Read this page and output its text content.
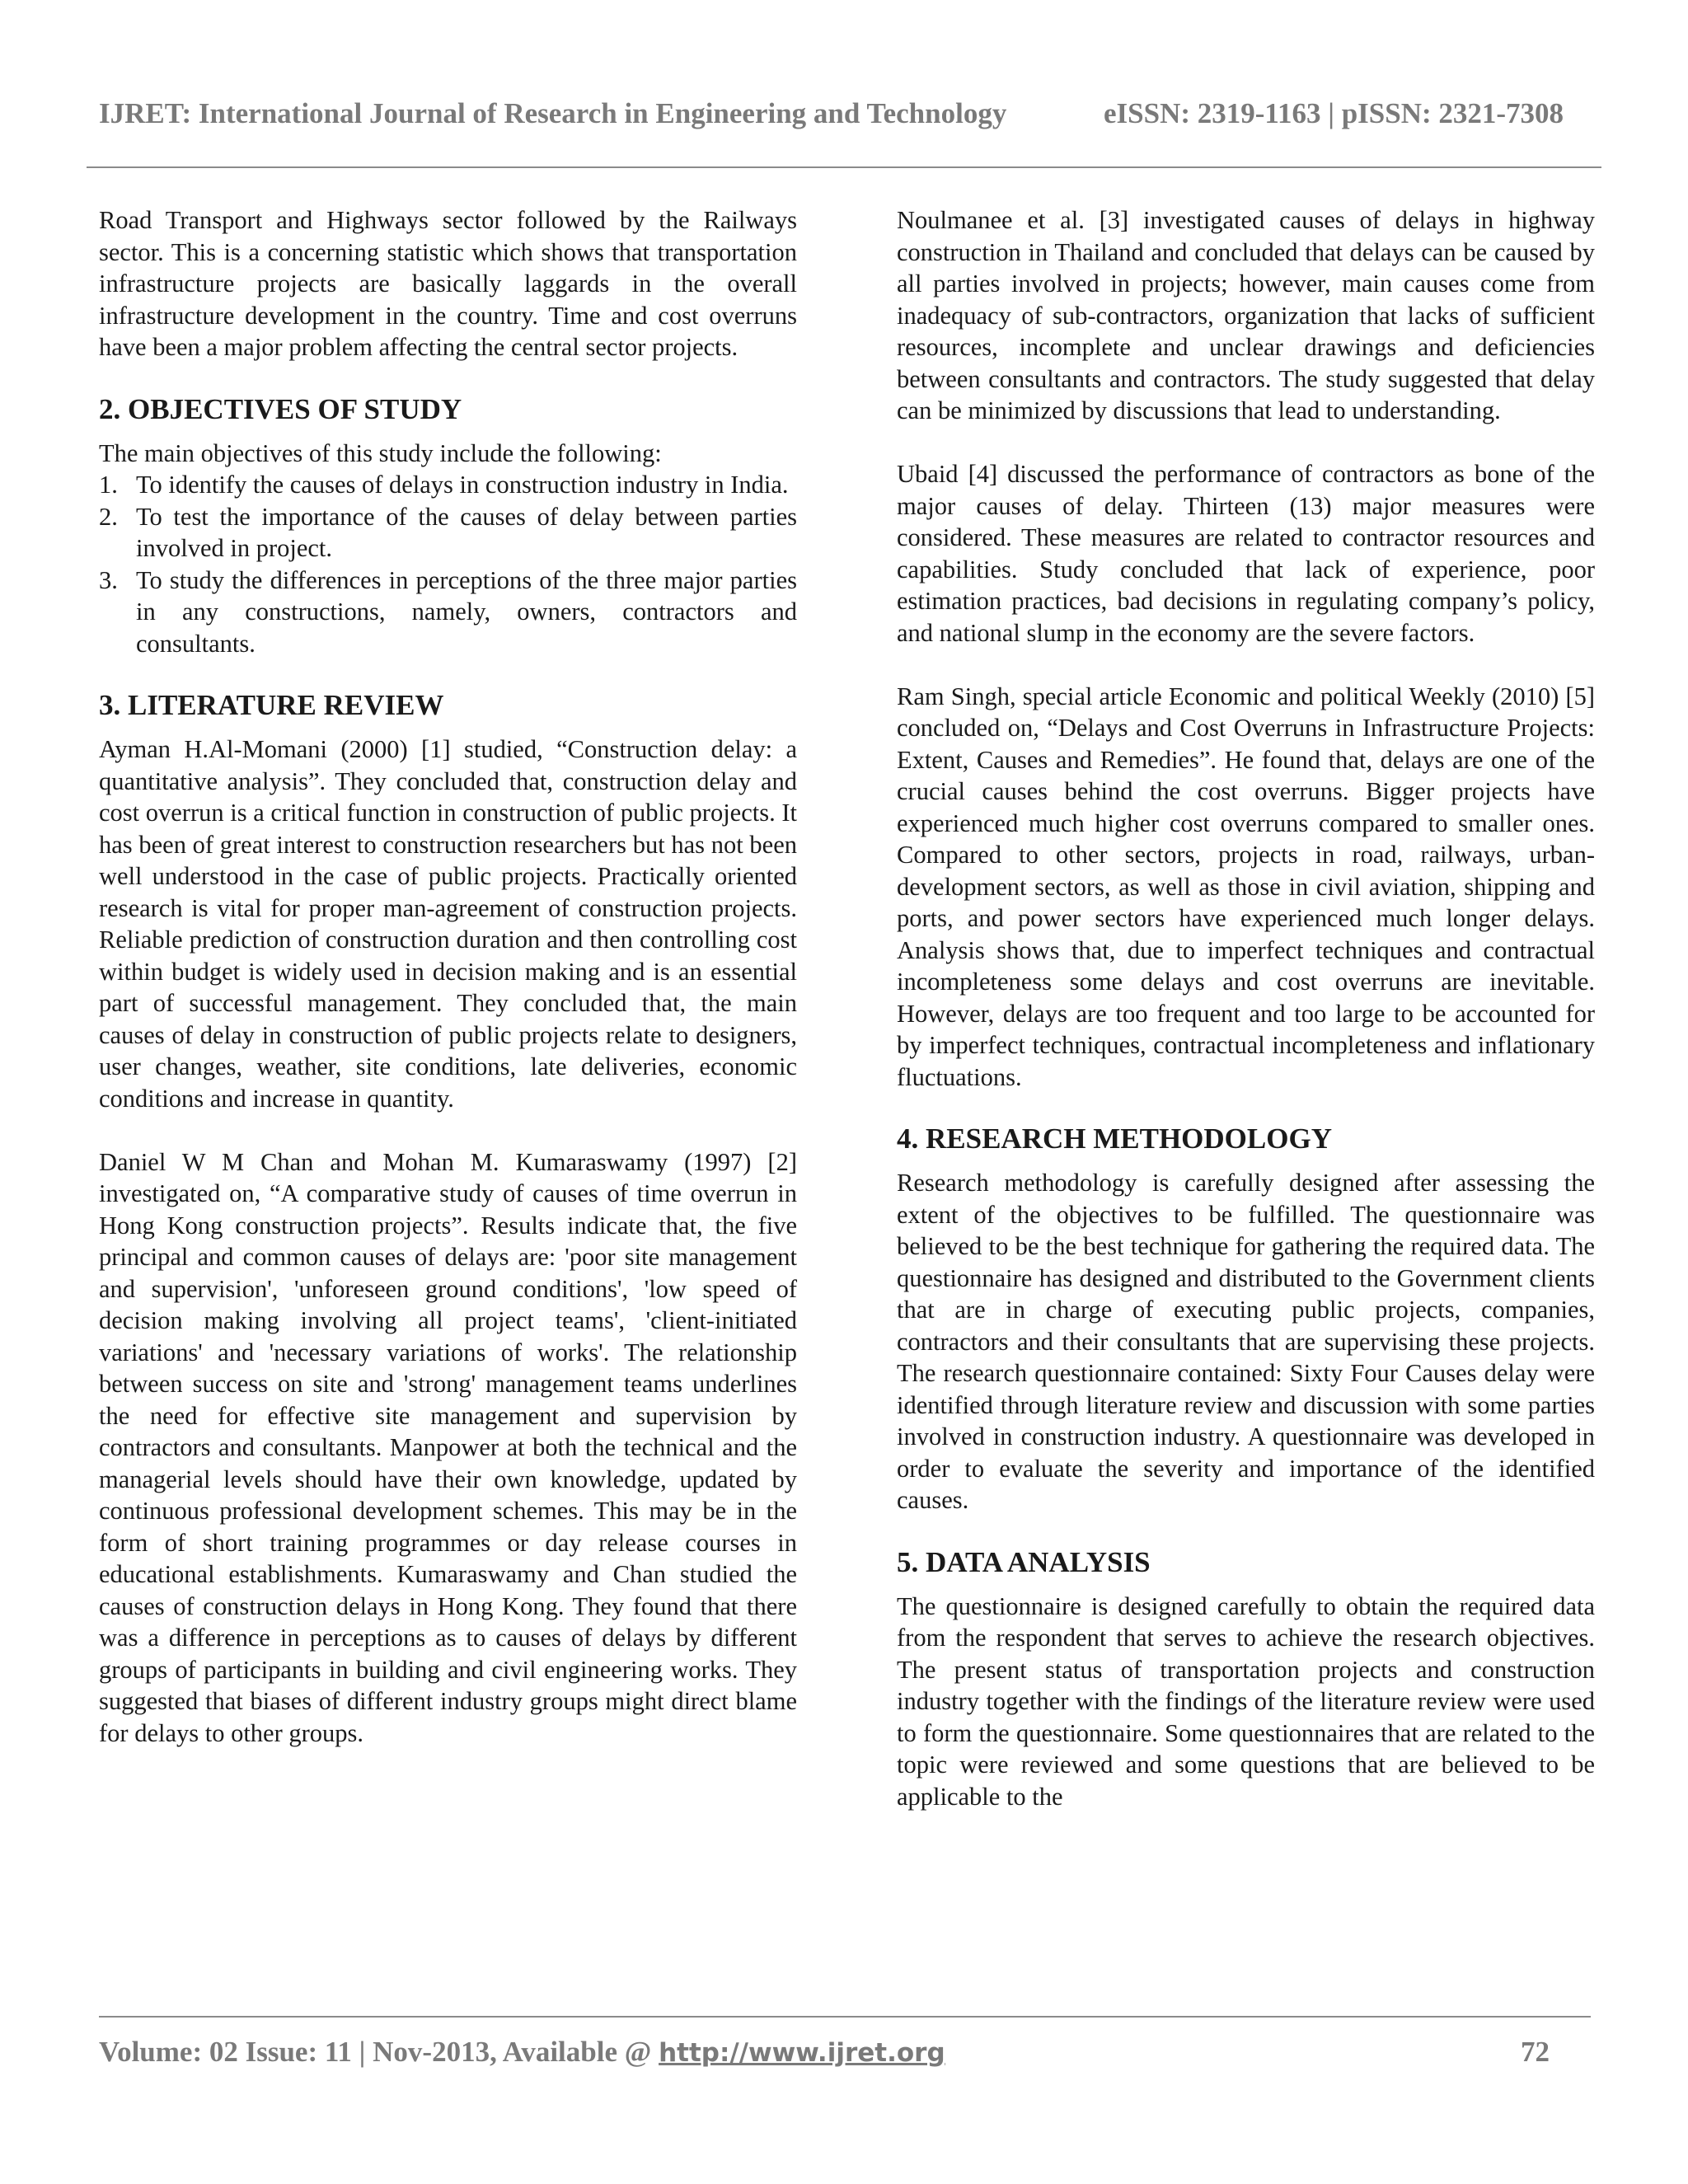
IJRET: International Journal of Research in Engineering and Technology	eISSN: 2319-1163 | pISSN: 2321-7308

Road Transport and Highways sector followed by the Railways sector. This is a concerning statistic which shows that transportation infrastructure projects are basically laggards in the overall infrastructure development in the country. Time and cost overruns have been a major problem affecting the central sector projects.

2. OBJECTIVES OF STUDY

The main objectives of this study include the following:

1. To identify the causes of delays in construction industry in India.
2. To test the importance of the causes of delay between parties involved in project.
3. To study the differences in perceptions of the three major parties in any constructions, namely, owners, contractors and consultants.
3. LITERATURE REVIEW

Ayman H.Al-Momani (2000) [1] studied, “Construction delay: a quantitative analysis”. They concluded that, construction delay and cost overrun is a critical function in construction of public projects. It has been of great interest to construction researchers but has not been well understood in the case of public projects. Practically oriented research is vital for proper man-agreement of construction projects. Reliable prediction of construction duration and then controlling cost within budget is widely used in decision making and is an essential part of successful management. They concluded that, the main causes of delay in construction of public projects relate to designers, user changes, weather, site conditions, late deliveries, economic conditions and increase in quantity.

Daniel W M Chan and Mohan M. Kumaraswamy (1997) [2] investigated on, “A comparative study of causes of time overrun in Hong Kong construction projects”. Results indicate that, the five principal and common causes of delays are: 'poor site management and supervision', 'unforeseen ground conditions', 'low speed of decision making involving all project teams', 'client-initiated variations' and 'necessary variations of works'. The relationship between success on site and 'strong' management teams underlines the need for effective site management and supervision by contractors and consultants. Manpower at both the technical and the managerial levels should have their own knowledge, updated by continuous professional development schemes. This may be in the form of short training programmes or day release courses in educational establishments. Kumaraswamy and Chan studied the causes of construction delays in Hong Kong. They found that there was a difference in perceptions as to causes of delays by different groups of participants in building and civil engineering works. They suggested that biases of different industry groups might direct blame for delays to other groups.

Noulmanee et al. [3] investigated causes of delays in highway construction in Thailand and concluded that delays can be caused by all parties involved in projects; however, main causes come from inadequacy of sub-contractors, organization that lacks of sufficient resources, incomplete and unclear drawings and deficiencies between consultants and contractors. The study suggested that delay can be minimized by discussions that lead to understanding.

Ubaid [4] discussed the performance of contractors as bone of the major causes of delay. Thirteen (13) major measures were considered. These measures are related to contractor resources and capabilities. Study concluded that lack of experience, poor estimation practices, bad decisions in regulating company’s policy, and national slump in the economy are the severe factors.

Ram Singh, special article Economic and political Weekly (2010) [5] concluded on, “Delays and Cost Overruns in Infrastructure Projects: Extent, Causes and Remedies”. He found that, delays are one of the crucial causes behind the cost overruns. Bigger projects have experienced much higher cost overruns compared to smaller ones. Compared to other sectors, projects in road, railways, urban-development sectors, as well as those in civil aviation, shipping and ports, and power sectors have experienced much longer delays. Analysis shows that, due to imperfect techniques and contractual incompleteness some delays and cost overruns are inevitable. However, delays are too frequent and too large to be accounted for by imperfect techniques, contractual incompleteness and inflationary fluctuations.

4. RESEARCH METHODOLOGY

Research methodology is carefully designed after assessing the extent of the objectives to be fulfilled. The questionnaire was believed to be the best technique for gathering the required data. The questionnaire has designed and distributed to the Government clients that are in charge of executing public projects, companies, contractors and their consultants that are supervising these projects. The research questionnaire contained: Sixty Four Causes delay were identified through literature review and discussion with some parties involved in construction industry. A questionnaire was developed in order to evaluate the severity and importance of the identified causes.

5. DATA ANALYSIS

The questionnaire is designed carefully to obtain the required data from the respondent that serves to achieve the research objectives. The present status of transportation projects and construction industry together with the findings of the literature review were used to form the questionnaire. Some questionnaires that are related to the topic were reviewed and some questions that are believed to be applicable to the

Volume: 02 Issue: 11 | Nov-2013, Available @ http://www.ijret.org	72
